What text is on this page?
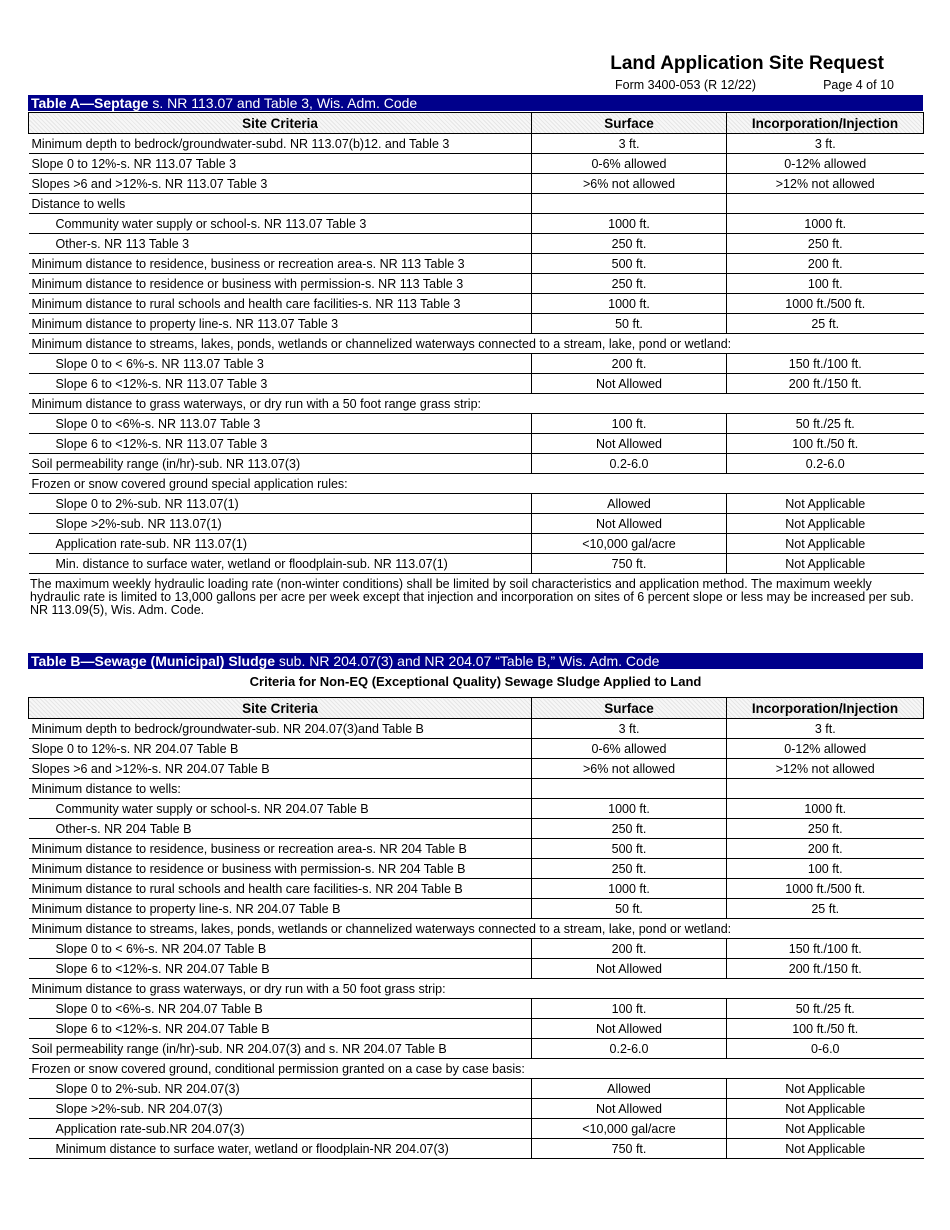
Land Application Site Request
Form 3400-053 (R 12/22)	Page 4 of 10
Table A—Septage s. NR 113.07 and Table 3, Wis. Adm. Code
Site Criteria	Surface	Incorporation/Injection
Minimum depth to bedrock/groundwater-subd. NR 113.07(b)12. and Table 3	3 ft.	3 ft.
Slope 0 to 12%-s. NR 113.07 Table 3	0-6% allowed	0-12% allowed
Slopes >6 and >12%-s. NR 113.07 Table 3	>6% not allowed	>12% not allowed
Distance to wells		
Community water supply or school-s. NR 113.07 Table 3	1000 ft.	1000 ft.
Other-s. NR 113 Table 3	250 ft.	250 ft.
Minimum distance to residence, business or recreation area-s. NR 113 Table 3	500 ft.	200 ft.
Minimum distance to residence or business with permission-s. NR 113 Table 3	250 ft.	100 ft.
Minimum distance to rural schools and health care facilities-s. NR 113 Table 3	1000 ft.	1000 ft./500 ft.
Minimum distance to property line-s. NR 113.07 Table 3	50 ft.	25 ft.
Minimum distance to streams, lakes, ponds, wetlands or channelized waterways connected to a stream, lake, pond or wetland:		
Slope 0 to < 6%-s. NR 113.07 Table 3	200 ft.	150 ft./100 ft.
Slope 6 to <12%-s. NR 113.07 Table 3	Not Allowed	200 ft./150 ft.
Minimum distance to grass waterways, or dry run with a 50 foot range grass strip:		
Slope 0 to <6%-s. NR 113.07 Table 3	100 ft.	50 ft./25 ft.
Slope 6 to <12%-s. NR 113.07 Table 3	Not Allowed	100 ft./50 ft.
Soil permeability range (in/hr)-sub. NR 113.07(3)	0.2-6.0	0.2-6.0
Frozen or snow covered ground special application rules:		
Slope 0 to 2%-sub. NR 113.07(1)	Allowed	Not Applicable
Slope >2%-sub. NR 113.07(1)	Not Allowed	Not Applicable
Application rate-sub. NR 113.07(1)	<10,000 gal/acre	Not Applicable
Min. distance to surface water, wetland or floodplain-sub. NR 113.07(1)	750 ft.	Not Applicable
The maximum weekly hydraulic loading rate (non-winter conditions) shall be limited by soil characteristics and application method. The maximum weekly hydraulic rate is limited to 13,000 gallons per acre per week except that injection and incorporation on sites of 6 percent slope or less may be increased per sub. NR 113.09(5), Wis. Adm. Code.
Table B—Sewage (Municipal) Sludge sub. NR 204.07(3) and NR 204.07 “Table B,” Wis. Adm. Code
Criteria for Non-EQ (Exceptional Quality) Sewage Sludge Applied to Land
Site Criteria	Surface	Incorporation/Injection
Minimum depth to bedrock/groundwater-sub. NR 204.07(3)and Table B	3 ft.	3 ft.
Slope 0 to 12%-s. NR 204.07 Table B	0-6% allowed	0-12% allowed
Slopes >6 and >12%-s. NR 204.07 Table B	>6% not allowed	>12% not allowed
Minimum distance to wells:		
Community water supply or school-s. NR 204.07 Table B	1000 ft.	1000 ft.
Other-s. NR 204 Table B	250 ft.	250 ft.
Minimum distance to residence, business or recreation area-s. NR 204 Table B	500 ft.	200 ft.
Minimum distance to residence or business with permission-s. NR 204 Table B	250 ft.	100 ft.
Minimum distance to rural schools and health care facilities-s. NR 204 Table B	1000 ft.	1000 ft./500 ft.
Minimum distance to property line-s. NR 204.07 Table B	50 ft.	25 ft.
Minimum distance to streams, lakes, ponds, wetlands or channelized waterways connected to a stream, lake, pond or wetland:		
Slope 0 to < 6%-s. NR 204.07 Table B	200 ft.	150 ft./100 ft.
Slope 6 to <12%-s. NR 204.07 Table B	Not Allowed	200 ft./150 ft.
Minimum distance to grass waterways, or dry run with a 50 foot grass strip:		
Slope 0 to <6%-s. NR 204.07 Table B	100 ft.	50 ft./25 ft.
Slope 6 to <12%-s. NR 204.07 Table B	Not Allowed	100 ft./50 ft.
Soil permeability range (in/hr)-sub. NR 204.07(3) and s. NR 204.07 Table B	0.2-6.0	0-6.0
Frozen or snow covered ground, conditional permission granted on a case by case basis:		
Slope 0 to 2%-sub. NR 204.07(3)	Allowed	Not Applicable
Slope >2%-sub. NR 204.07(3)	Not Allowed	Not Applicable
Application rate-sub.NR 204.07(3)	<10,000 gal/acre	Not Applicable
Minimum distance to surface water, wetland or floodplain-NR 204.07(3)	750 ft.	Not Applicable
